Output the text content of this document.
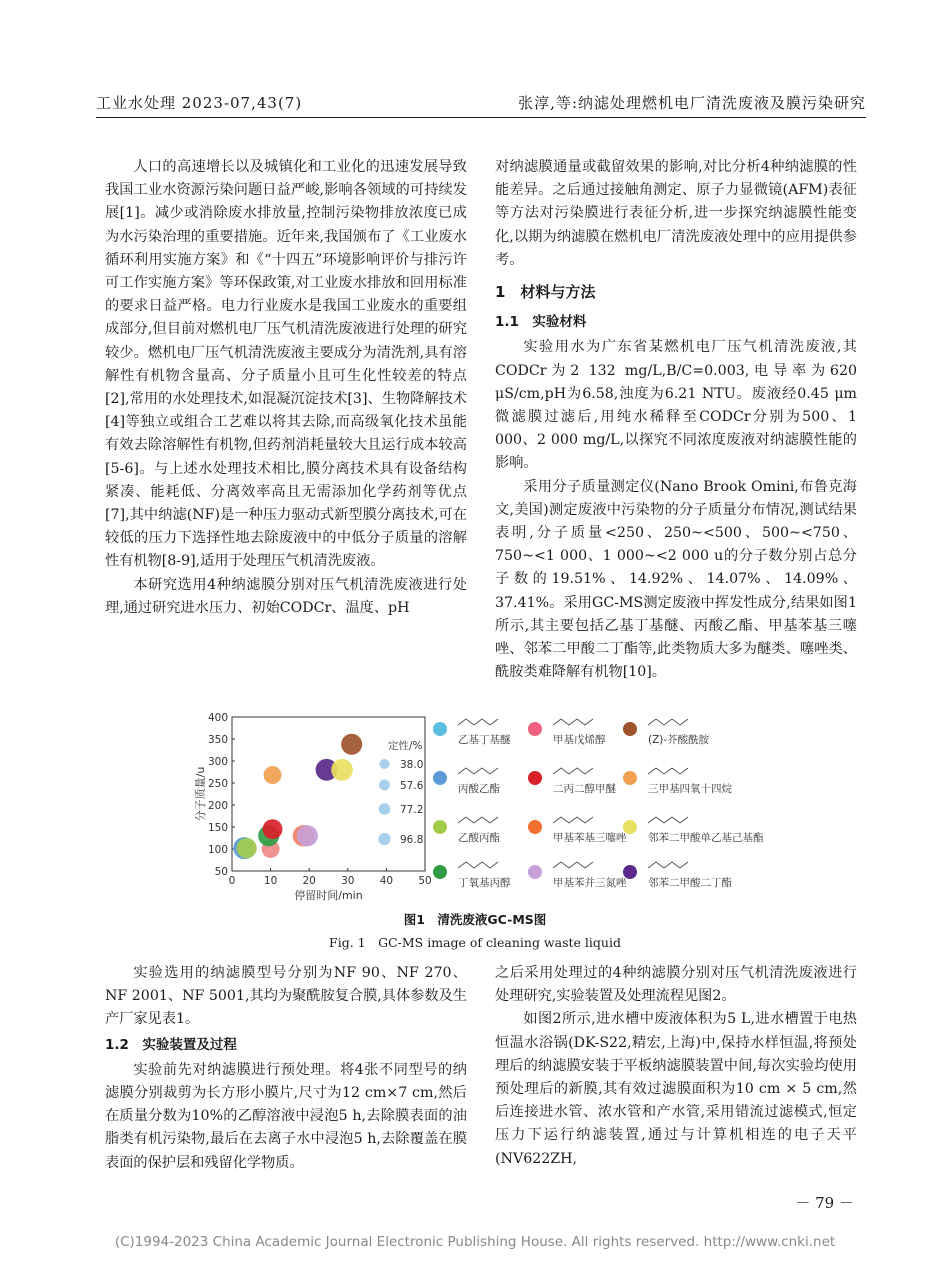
工业水处理 2023-07,43(7)	张淳,等:纳滤处理燃机电厂清洗废液及膜污染研究

人口的高速增长以及城镇化和工业化的迅速发展导致我国工业水资源污染问题日益严峻,影响各领域的可持续发展[1]。减少或消除废水排放量,控制污染物排放浓度已成为水污染治理的重要措施。近年来,我国颁布了《工业废水循环利用实施方案》和《“十四五”环境影响评价与排污许可工作实施方案》等环保政策,对工业废水排放和回用标准的要求日益严格。电力行业废水是我国工业废水的重要组成部分,但目前对燃机电厂压气机清洗废液进行处理的研究较少。燃机电厂压气机清洗废液主要成分为清洗剂,具有溶解性有机物含量高、分子质量小且可生化性较差的特点[2],常用的水处理技术,如混凝沉淀技术[3]、生物降解技术[4]等独立或组合工艺难以将其去除,而高级氧化技术虽能有效去除溶解性有机物,但药剂消耗量较大且运行成本较高[5-6]。与上述水处理技术相比,膜分离技术具有设备结构紧凑、能耗低、分离效率高且无需添加化学药剂等优点[7],其中纳滤(NF)是一种压力驱动式新型膜分离技术,可在较低的压力下选择性地去除废液中的中低分子质量的溶解性有机物[8-9],适用于处理压气机清洗废液。

本研究选用4种纳滤膜分别对压气机清洗废液进行处理,通过研究进水压力、初始CODCr、温度、pH

对纳滤膜通量或截留效果的影响,对比分析4种纳滤膜的性能差异。之后通过接触角测定、原子力显微镜(AFM)表征等方法对污染膜进行表征分析,进一步探究纳滤膜性能变化,以期为纳滤膜在燃机电厂清洗废液处理中的应用提供参考。

1　材料与方法
1.1　实验材料

实验用水为广东省某燃机电厂压气机清洗废液,其CODCr为2 132 mg/L,B/C=0.003,电导率为620 μS/cm,pH为6.58,浊度为6.21 NTU。废液经0.45 μm微滤膜过滤后,用纯水稀释至CODCr分别为500、1 000、2 000 mg/L,以探究不同浓度废液对纳滤膜性能的影响。

采用分子质量测定仪(Nano Brook Omini,布鲁克海文,美国)测定废液中污染物的分子质量分布情况,测试结果表明,分子质量<250、250~<500、500~<750、750~<1 000、1 000~<2 000 u的分子数分别占总分子数的19.51%、14.92%、14.07%、14.09%、37.41%。采用GC-MS测定废液中挥发性成分,结果如图1所示,其主要包括乙基丁基醚、丙酸乙酯、甲基苯基三噻唑、邻苯二甲酸二丁酯等,此类物质大多为醚类、噻唑类、酰胺类难降解有机物[10]。

0	10 20 30 40 50
50
100
150
200
250
300
350
400
停留时间/min
分子质量/u
定性/%
38.0
57.6
77.2
96.8
乙基丁基醚	甲基戊烯醇	(Z)-芥酸酰胺
丙酸乙酯	二丙二醇甲醚	三甲基四氧十四烷
乙酸丙酯	甲基苯基三噻唑 邻苯二甲酸单乙基己基酯
丁氧基丙醇	甲基苯并三氮唑 邻苯二甲酸二丁酯
图1　清洗废液GC-MS图
Fig. 1　GC-MS image of cleaning waste liquid

实验选用的纳滤膜型号分别为NF 90、NF 270、NF 2001、NF 5001,其均为聚酰胺复合膜,具体参数及生产厂家见表1。

1.2　实验装置及过程

实验前先对纳滤膜进行预处理。将4张不同型号的纳滤膜分别裁剪为长方形小膜片,尺寸为12 cm×7 cm,然后在质量分数为10%的乙醇溶液中浸泡5 h,去除膜表面的油脂类有机污染物,最后在去离子水中浸泡5 h,去除覆盖在膜表面的保护层和残留化学物质。

之后采用处理过的4种纳滤膜分别对压气机清洗废液进行处理研究,实验装置及处理流程见图2。

如图2所示,进水槽中废液体积为5 L,进水槽置于电热恒温水浴锅(DK-S22,精宏,上海)中,保持水样恒温,将预处理后的纳滤膜安装于平板纳滤膜装置中间,每次实验均使用预处理后的新膜,其有效过滤膜面积为10 cm × 5 cm,然后连接进水管、浓水管和产水管,采用错流过滤模式,恒定压力下运行纳滤装置,通过与计算机相连的电子天平(NV622ZH,

－ 79 －
(C)1994-2023 China Academic Journal Electronic Publishing House. All rights reserved. http://www.cnki.net
